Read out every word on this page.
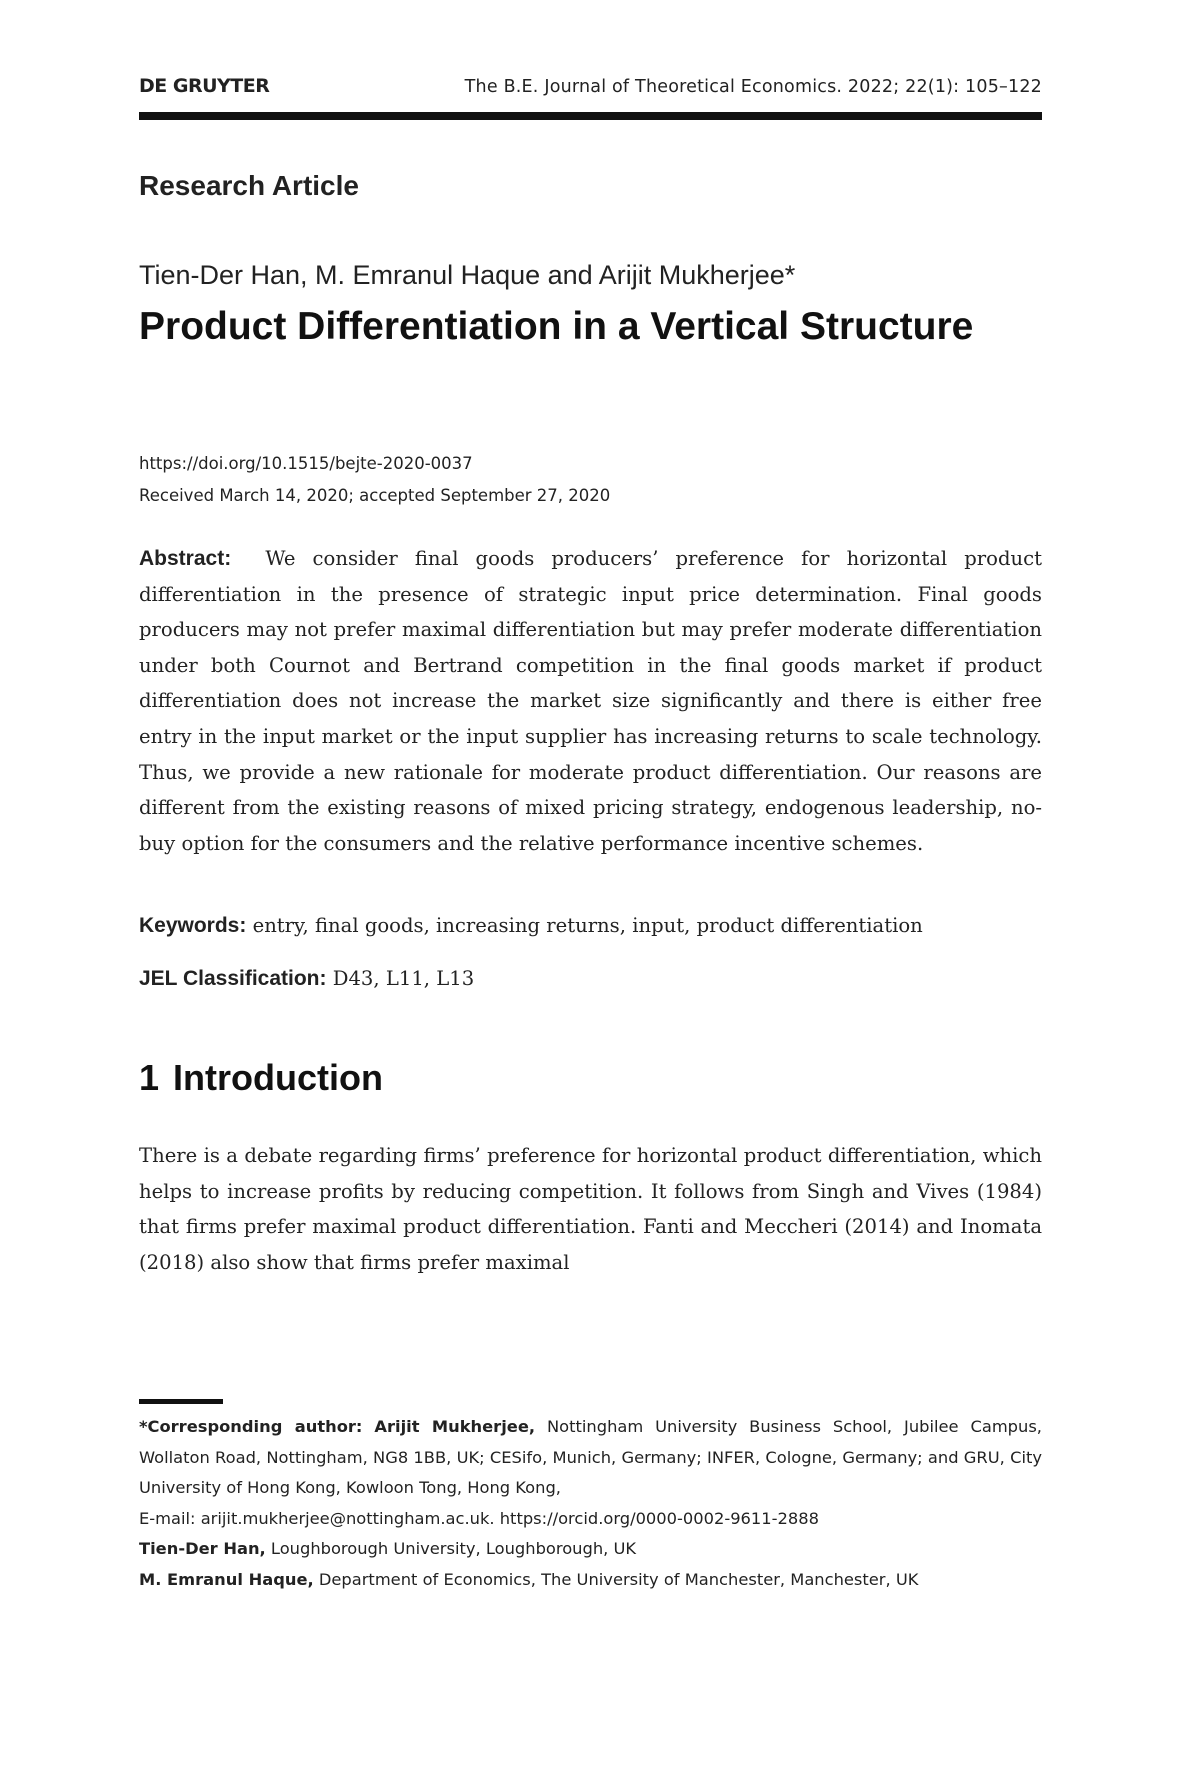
DE GRUYTER	The B.E. Journal of Theoretical Economics. 2022; 22(1): 105–122
Research Article
Tien-Der Han, M. Emranul Haque and Arijit Mukherjee*
Product Differentiation in a Vertical Structure
https://doi.org/10.1515/bejte-2020-0037
Received March 14, 2020; accepted September 27, 2020

Abstract: We consider final goods producers’ preference for horizontal product differentiation in the presence of strategic input price determination. Final goods producers may not prefer maximal differentiation but may prefer moderate differentiation under both Cournot and Bertrand competition in the final goods market if product differentiation does not increase the market size significantly and there is either free entry in the input market or the input supplier has increasing returns to scale technology. Thus, we provide a new rationale for moderate product differentiation. Our reasons are different from the existing reasons of mixed pricing strategy, endogenous leadership, no-buy option for the consumers and the relative performance incentive schemes.

Keywords: entry, final goods, increasing returns, input, product differentiation
JEL Classification: D43, L11, L13
1 Introduction

There is a debate regarding firms’ preference for horizontal product differentiation, which helps to increase profits by reducing competition. It follows from Singh and Vives (1984) that firms prefer maximal product differentiation. Fanti and Meccheri (2014) and Inomata (2018) also show that firms prefer maximal

*Corresponding author: Arijit Mukherjee, Nottingham University Business School, Jubilee Campus, Wollaton Road, Nottingham, NG8 1BB, UK; CESifo, Munich, Germany; INFER, Cologne, Germany; and GRU, City University of Hong Kong, Kowloon Tong, Hong Kong,

E-mail: arijit.mukherjee@nottingham.ac.uk. https://orcid.org/0000-0002-9611-2888

Tien-Der Han, Loughborough University, Loughborough, UK

M. Emranul Haque, Department of Economics, The University of Manchester, Manchester, UK
